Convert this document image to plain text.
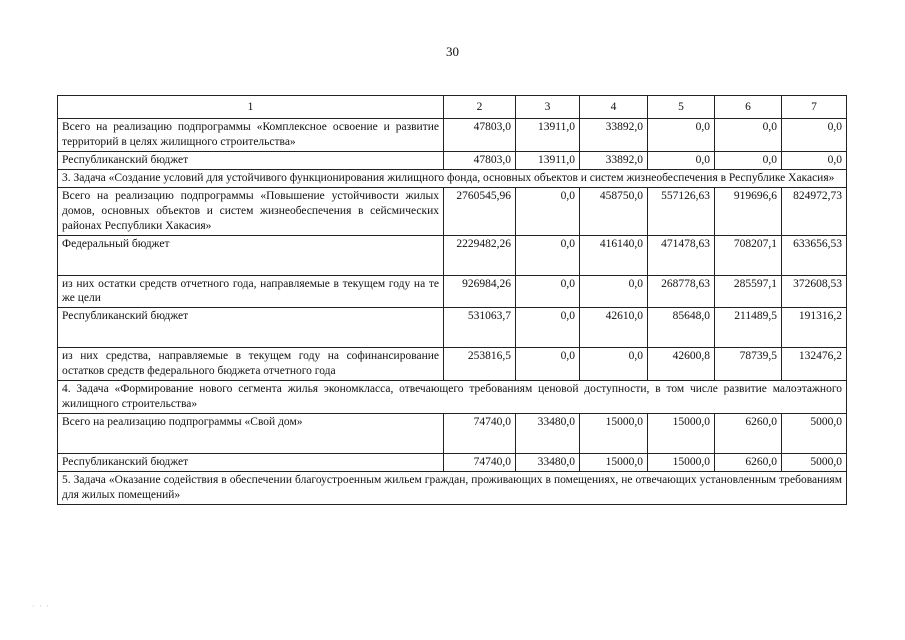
30
1	2	3	4	5	6	7
Всего на реализацию подпрограммы «Комплексное освоение и развитие территорий в целях жилищного строительства»	47803,0	13911,0	33892,0	0,0	0,0	0,0
Республиканский бюджет	47803,0	13911,0	33892,0	0,0	0,0	0,0
3. Задача «Создание условий для устойчивого функционирования жилищного фонда, основных объектов и систем жизнеобеспечения в Республике Хакасия»						
Всего на реализацию подпрограммы «Повышение устойчивости жилых домов, основных объектов и систем жизнеобеспечения в сейсмических районах Республики Хакасия»	2760545,96	0,0	458750,0	557126,63	919696,6	824972,73
Федеральный бюджет	2229482,26	0,0	416140,0	471478,63	708207,1	633656,53
из них остатки средств отчетного года, направляемые в текущем году на те же цели	926984,26	0,0	0,0	268778,63	285597,1	372608,53
Республиканский бюджет	531063,7	0,0	42610,0	85648,0	211489,5	191316,2
из них средства, направляемые в текущем году на софинансирование остатков средств федерального бюджета отчетного года	253816,5	0,0	0,0	42600,8	78739,5	132476,2
4. Задача «Формирование нового сегмента жилья экономкласса, отвечающего требованиям ценовой доступности, в том числе развитие малоэтажного жилищного строительства»						
Всего на реализацию подпрограммы «Свой дом»	74740,0	33480,0	15000,0	15000,0	6260,0	5000,0
Республиканский бюджет	74740,0	33480,0	15000,0	15000,0	6260,0	5000,0
5. Задача «Оказание содействия в обеспечении благоустроенным жильем граждан, проживающих в помещениях, не отвечающих установленным требованиям для жилых помещений»						
· · ·
